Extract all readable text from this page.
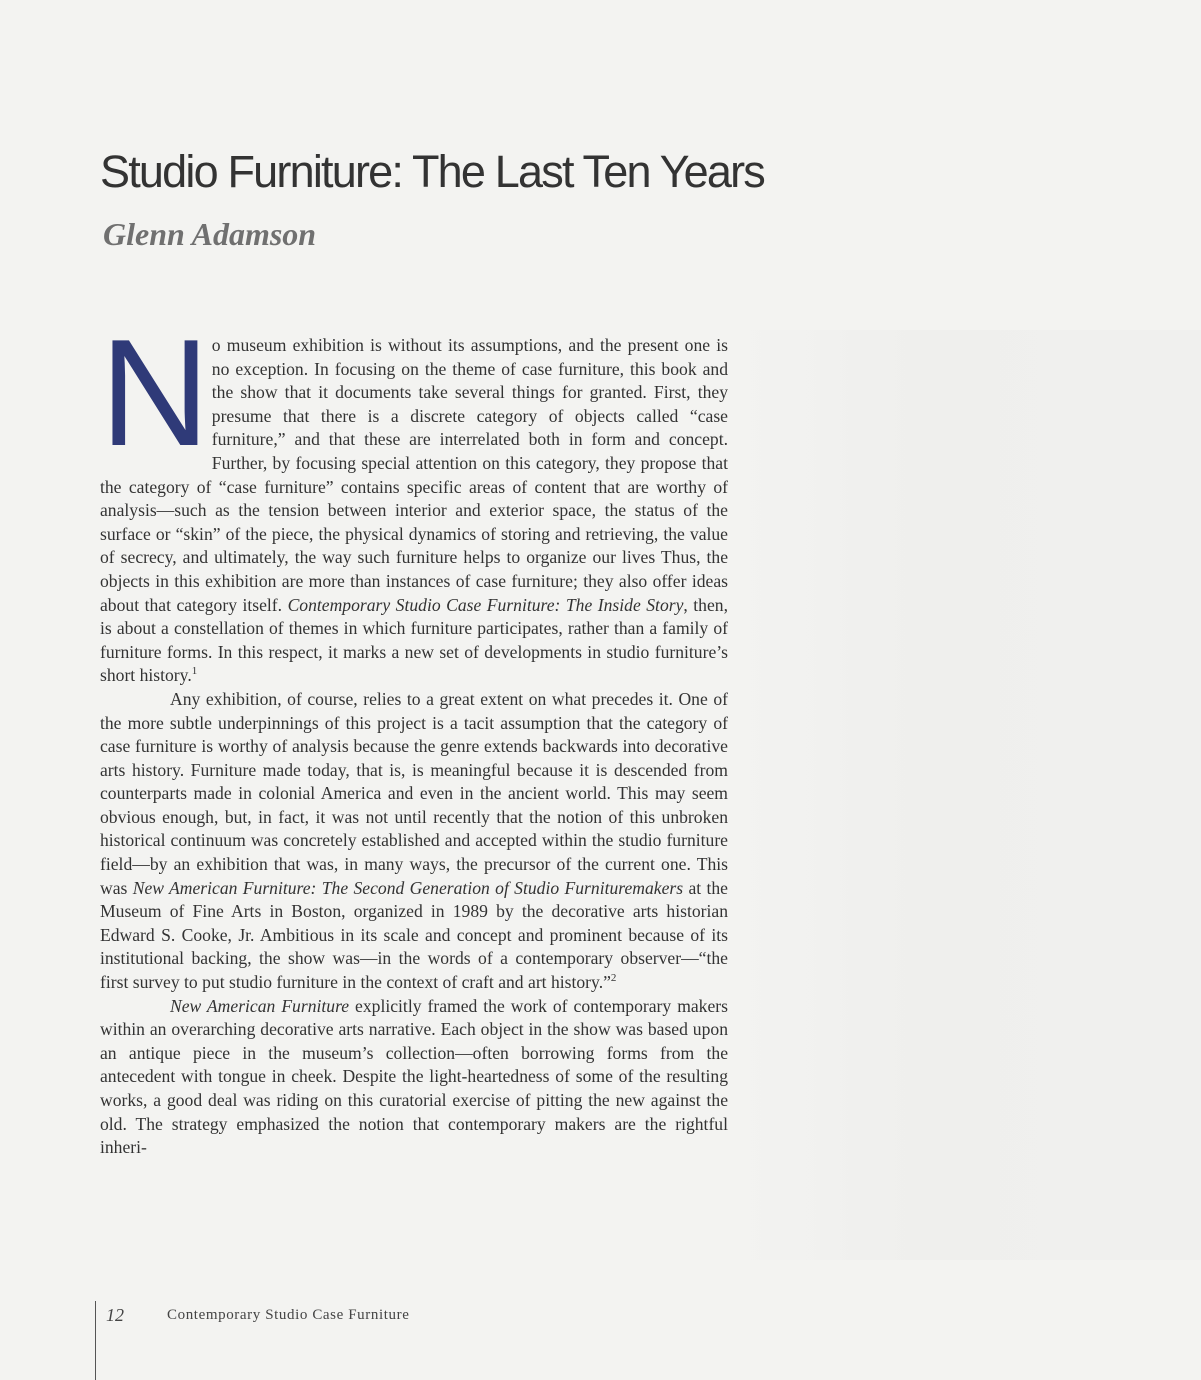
Studio Furniture: The Last Ten Years
Glenn Adamson

N o museum exhibition is without its assumptions, and the present one is no exception. In focusing on the theme of case furniture, this book and the show that it documents take several things for granted. First, they presume that there is a discrete category of objects called “case furniture,” and that these are interrelated both in form and concept. Further, by focusing special attention on this category, they propose that the category of “case furniture” contains specific areas of content that are worthy of analysis—such as the tension between interior and exterior space, the status of the surface or “skin” of the piece, the physical dynamics of storing and retrieving, the value of secrecy, and ultimately, the way such furniture helps to organize our lives Thus, the objects in this exhibition are more than instances of case furniture; they also offer ideas about that category itself. Contemporary Studio Case Furniture: The Inside Story, then, is about a constellation of themes in which furniture participates, rather than a family of furniture forms. In this respect, it marks a new set of developments in studio furniture’s short history.$^1$

Any exhibition, of course, relies to a great extent on what precedes it. One of the more subtle underpinnings of this project is a tacit assumption that the category of case furniture is worthy of analysis because the genre extends backwards into decorative arts history. Furniture made today, that is, is meaningful because it is descended from counterparts made in colonial America and even in the ancient world. This may seem obvious enough, but, in fact, it was not until recently that the notion of this unbroken historical continuum was concretely established and accepted within the studio furniture field—by an exhibition that was, in many ways, the precursor of the current one. This was New American Furniture: The Second Generation of Studio Furnituremakers at the Museum of Fine Arts in Boston, organized in 1989 by the decorative arts historian Edward S. Cooke, Jr. Ambitious in its scale and concept and prominent because of its institutional backing, the show was—in the words of a contemporary observer—“the first survey to put studio furniture in the context of craft and art history.”$^2$

New American Furniture explicitly framed the work of contemporary makers within an overarching decorative arts narrative. Each object in the show was based upon an antique piece in the museum’s collection—often borrowing forms from the antecedent with tongue in cheek. Despite the light-heartedness of some of the resulting works, a good deal was riding on this curatorial exercise of pitting the new against the old. The strategy emphasized the notion that contemporary makers are the rightful inheri-

12	Contemporary Studio Case Furniture
